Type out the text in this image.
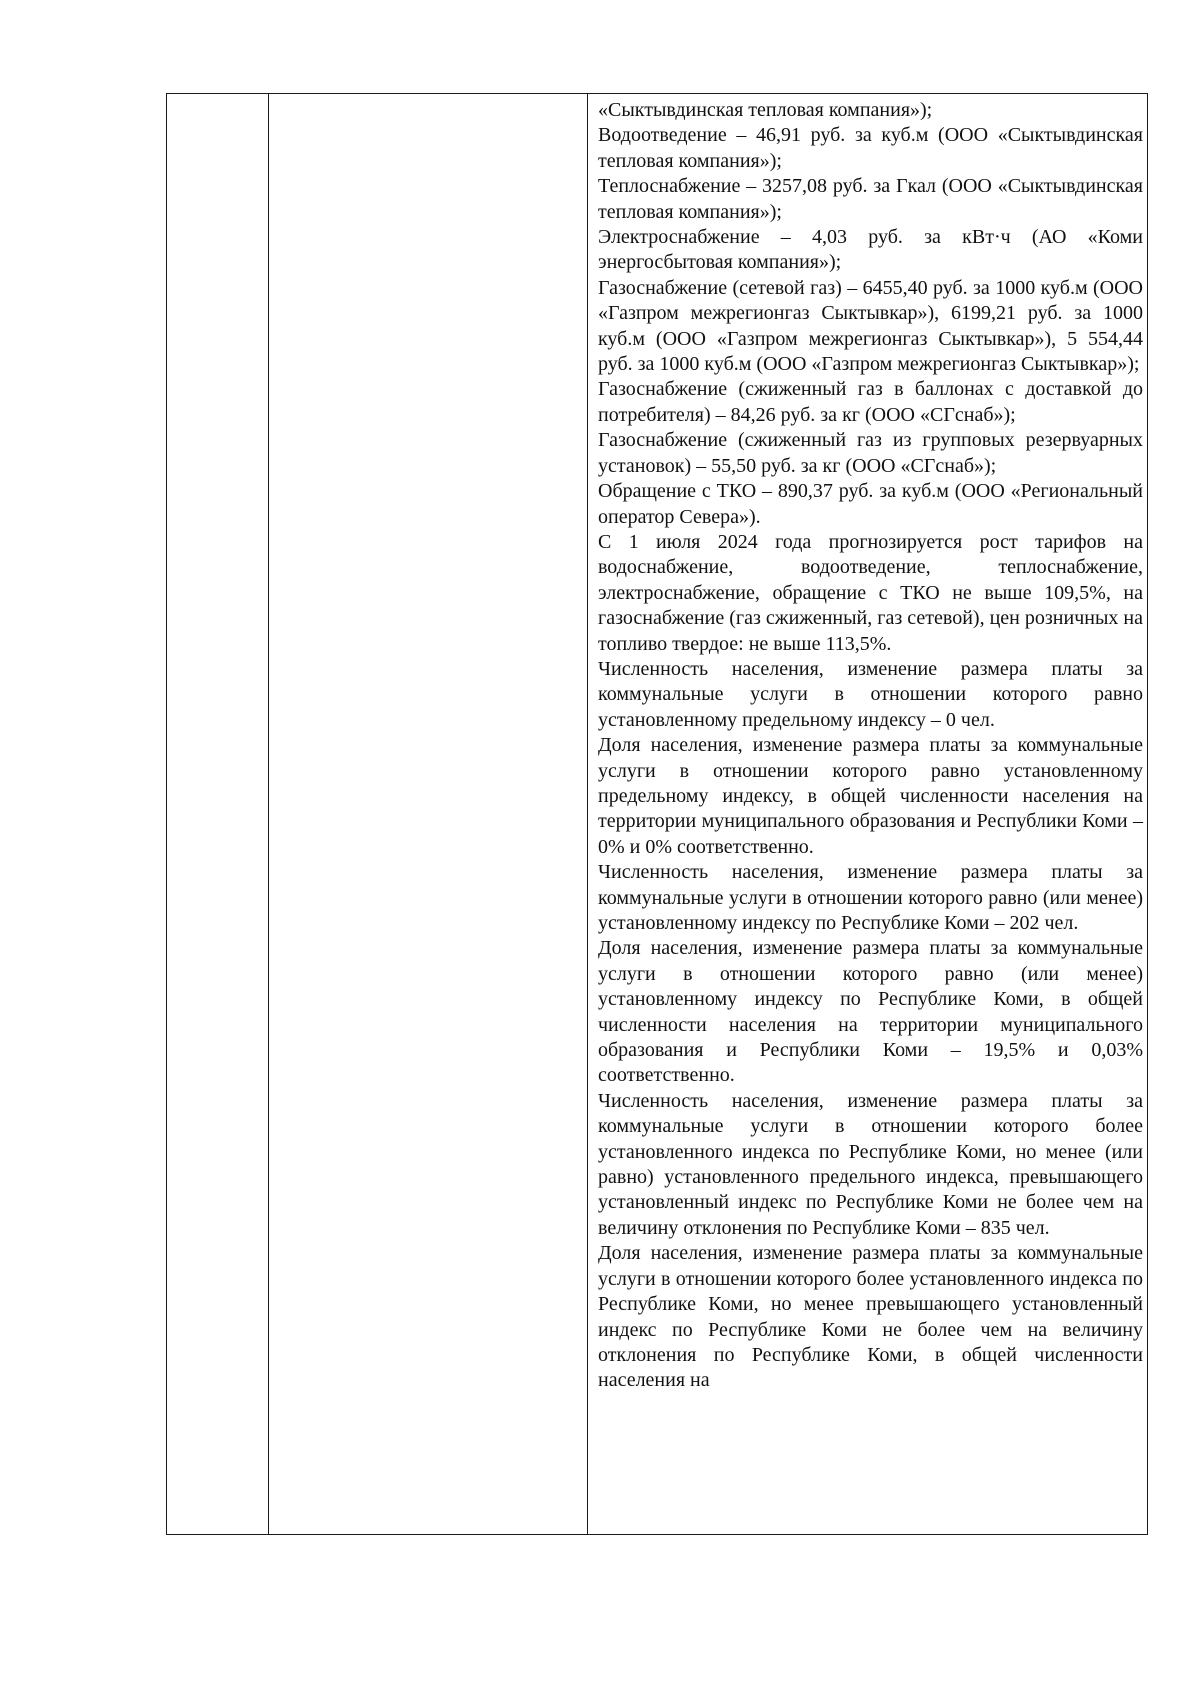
«Сыктывдинская тепловая компания»);

Водоотведение – 46,91 руб. за куб.м (ООО «Сыктывдинская тепловая компания»);

Теплоснабжение – 3257,08 руб. за Гкал (ООО «Сыктывдинская тепловая компания»);

Электроснабжение – 4,03 руб. за кВт·ч (АО «Коми энергосбытовая компания»);

Газоснабжение (сетевой газ) – 6455,40 руб. за 1000 куб.м (ООО «Газпром межрегионгаз Сыктывкар»), 6199,21 руб. за 1000 куб.м (ООО «Газпром межрегионгаз Сыктывкар»), 5 554,44 руб. за 1000 куб.м (ООО «Газпром межрегионгаз Сыктывкар»);

Газоснабжение (сжиженный газ в баллонах с доставкой до потребителя) – 84,26 руб. за кг (ООО «СГснаб»);

Газоснабжение (сжиженный газ из групповых резервуарных установок) – 55,50 руб. за кг (ООО «СГснаб»);

Обращение с ТКО – 890,37 руб. за куб.м (ООО «Региональный оператор Севера»).

С 1 июля 2024 года прогнозируется рост тарифов на водоснабжение, водоотведение, теплоснабжение, электроснабжение, обращение с ТКО не выше 109,5%, на газоснабжение (газ сжиженный, газ сетевой), цен розничных на топливо твердое: не выше 113,5%.

Численность населения, изменение размера платы за коммунальные услуги в отношении которого равно установленному предельному индексу – 0 чел.

Доля населения, изменение размера платы за коммунальные услуги в отношении которого равно установленному предельному индексу, в общей численности населения на территории муниципального образования и Республики Коми – 0% и 0% соответственно.

Численность населения, изменение размера платы за коммунальные услуги в отношении которого равно (или менее) установленному индексу по Республике Коми – 202 чел.

Доля населения, изменение размера платы за коммунальные услуги в отношении которого равно (или менее) установленному индексу по Республике Коми, в общей численности населения на территории муниципального образования и Республики Коми – 19,5% и 0,03% соответственно.

Численность населения, изменение размера платы за коммунальные услуги в отношении которого более установленного индекса по Республике Коми, но менее (или равно) установленного предельного индекса, превышающего установленный индекс по Республике Коми не более чем на величину отклонения по Республике Коми – 835 чел.

Доля населения, изменение размера платы за коммунальные услуги в отношении которого более установленного индекса по Республике Коми, но менее превышающего установленный индекс по Республике Коми не более чем на величину отклонения по Республике Коми, в общей численности населения на
